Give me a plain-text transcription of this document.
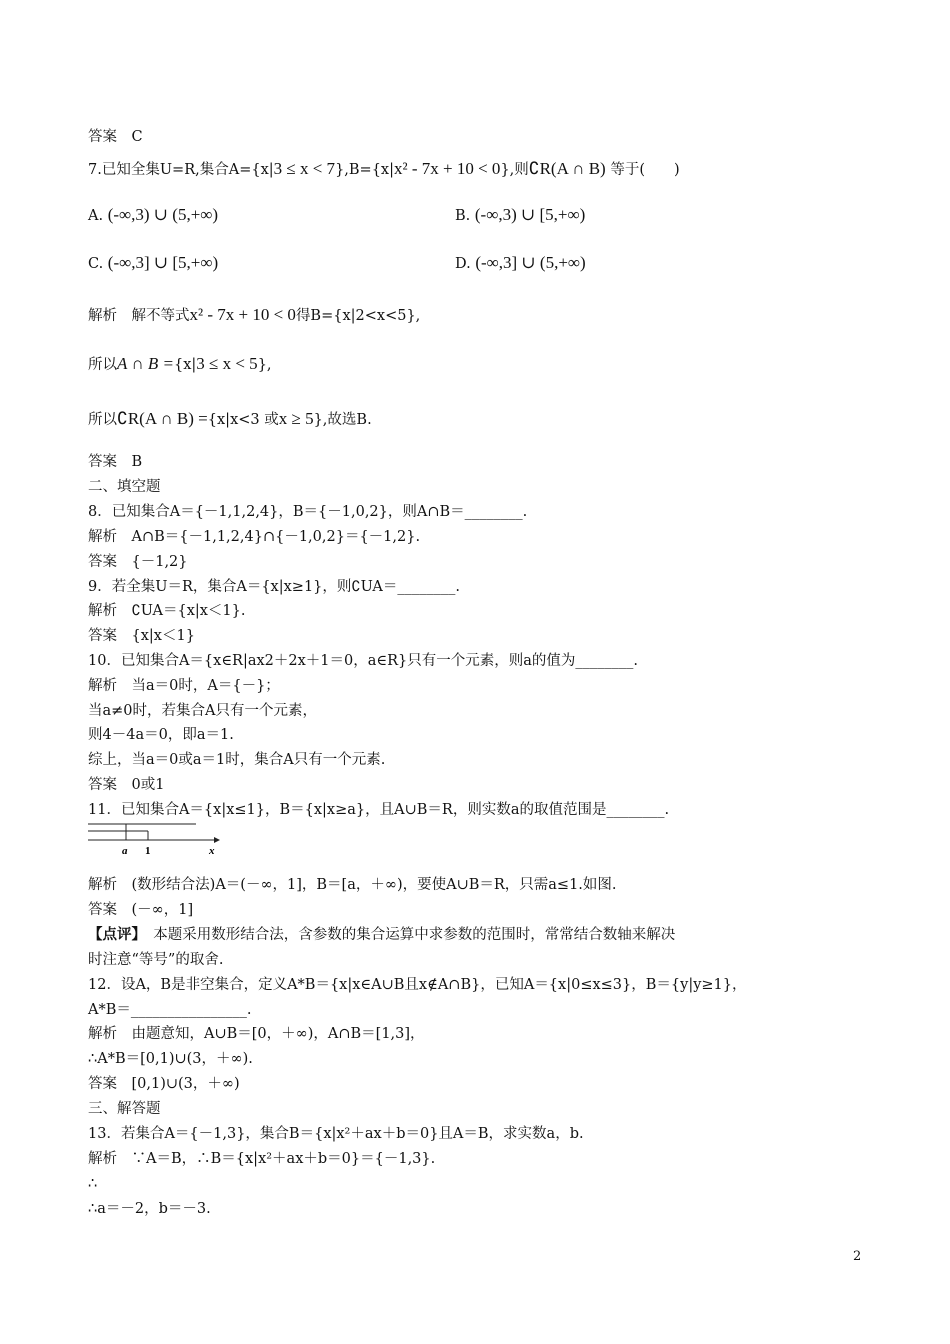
答案　C
7.已知全集U=R,集合A={x|3 ≤ x < 7},B={x|x² - 7x + 10 < 0},则∁R(A ∩ B) 等于(　　)
A. (-∞,3) ∪ (5,+∞)	B. (-∞,3) ∪ [5,+∞)
C. (-∞,3] ∪ [5,+∞)	D. (-∞,3] ∪ (5,+∞)
解析　解不等式x² - 7x + 10 < 0得B={x|2<x<5},
所以A ∩ B ={x|3 ≤ x < 5},
所以∁R(A ∩ B) ={x|x<3 或x ≥ 5},故选B.
答案　B
二、填空题
8．已知集合A＝{－1,1,2,4}，B＝{－1,0,2}，则A∩B＝________.
解析　A∩B＝{－1,1,2,4}∩{－1,0,2}＝{－1,2}.
答案　{－1,2}
9．若全集U＝R，集合A＝{x|x≥1}，则∁UA＝________.
解析　∁UA＝{x|x＜1}.
答案　{x|x＜1}
10．已知集合A＝{x∈R|ax2＋2x＋1＝0，a∈R}只有一个元素，则a的值为________.
解析　当a＝0时，A＝{－}；
当a≠0时，若集合A只有一个元素，
则4－4a＝0，即a＝1.
综上，当a＝0或a＝1时，集合A只有一个元素.
答案　0或1
11．已知集合A＝{x|x≤1}，B＝{x|x≥a}，且A∪B＝R，则实数a的取值范围是________.
a 1	x
解析　(数形结合法)A＝(－∞，1]，B＝[a，＋∞)，要使A∪B＝R，只需a≤1.如图.
答案　(－∞，1]
【点评】　本题采用数形结合法，含参数的集合运算中求参数的范围时，常常结合数轴来解决
时注意“等号”的取舍.
12．设A，B是非空集合，定义A*B＝{x|x∈A∪B且x∉A∩B}，已知A＝{x|0≤x≤3}，B＝{y|y≥1}，
A*B＝________________.
解析　由题意知，A∪B＝[0，＋∞)，A∩B＝[1,3]，
∴A*B＝[0,1)∪(3，＋∞).
答案　[0,1)∪(3，＋∞)
三、解答题
13．若集合A＝{－1,3}，集合B＝{x|x²＋ax＋b＝0}且A＝B，求实数a，b.
解析　∵A＝B，∴B＝{x|x²＋ax＋b＝0}＝{－1,3}.
∴
∴a＝－2，b＝－3.
2
